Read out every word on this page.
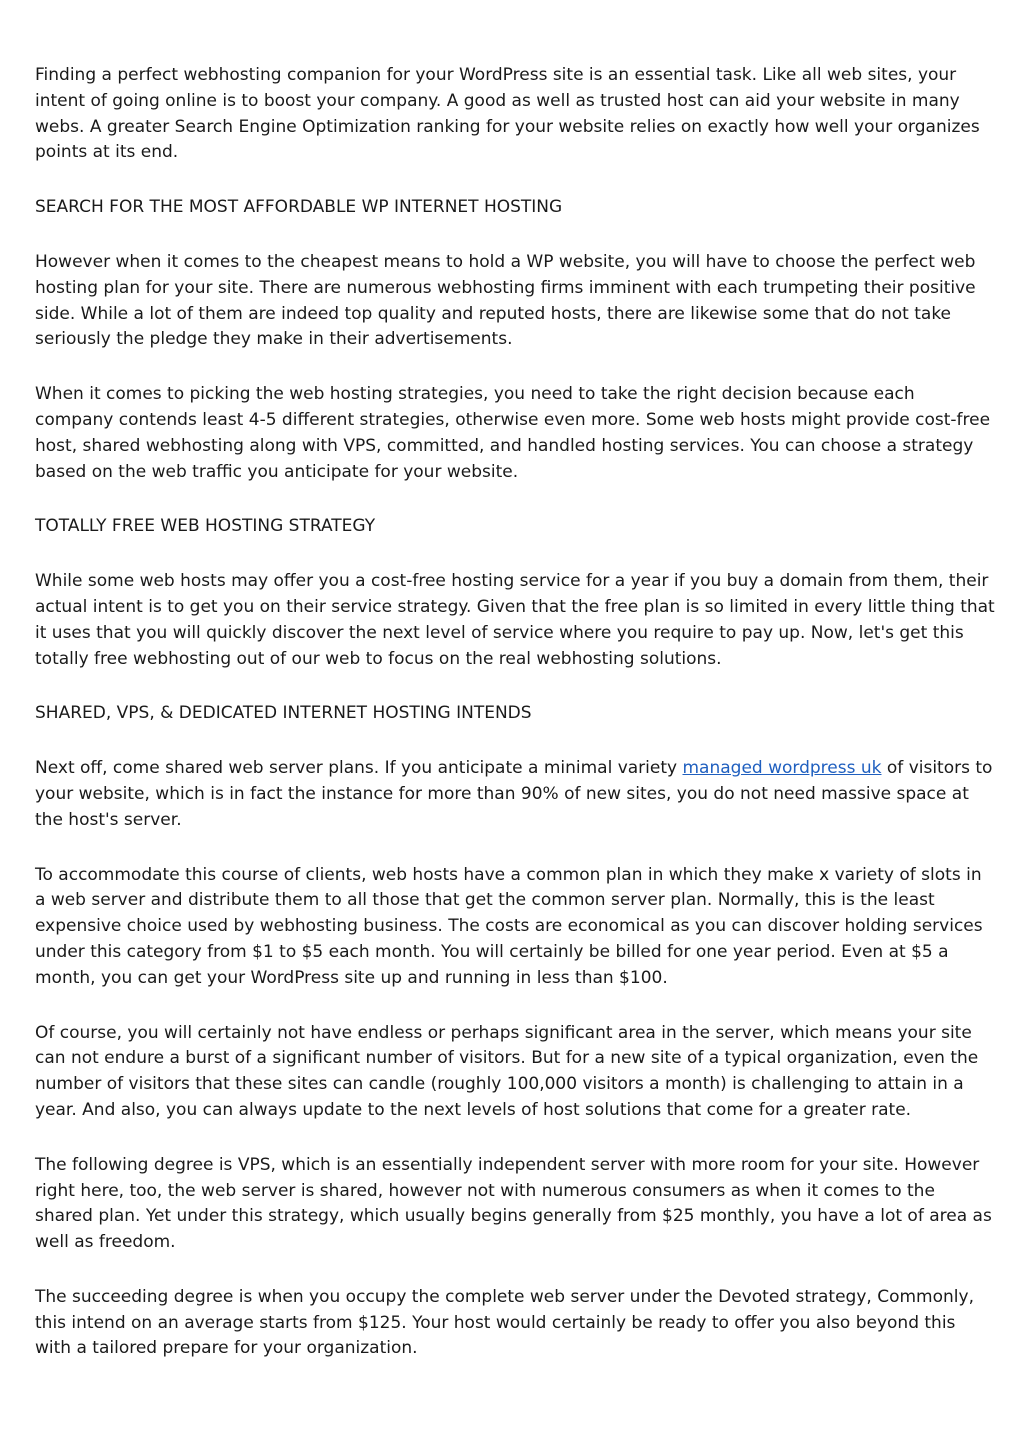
Finding a perfect webhosting companion for your WordPress site is an essential task. Like all web sites, your intent of going online is to boost your company. A good as well as trusted host can aid your website in many webs. A greater Search Engine Optimization ranking for your website relies on exactly how well your organizes points at its end.

SEARCH FOR THE MOST AFFORDABLE WP INTERNET HOSTING

However when it comes to the cheapest means to hold a WP website, you will have to choose the perfect web hosting plan for your site. There are numerous webhosting firms imminent with each trumpeting their positive side. While a lot of them are indeed top quality and reputed hosts, there are likewise some that do not take seriously the pledge they make in their advertisements.

When it comes to picking the web hosting strategies, you need to take the right decision because each company contends least 4-5 different strategies, otherwise even more. Some web hosts might provide cost-free host, shared webhosting along with VPS, committed, and handled hosting services. You can choose a strategy based on the web traffic you anticipate for your website.

TOTALLY FREE WEB HOSTING STRATEGY

While some web hosts may offer you a cost-free hosting service for a year if you buy a domain from them, their actual intent is to get you on their service strategy. Given that the free plan is so limited in every little thing that it uses that you will quickly discover the next level of service where you require to pay up. Now, let's get this totally free webhosting out of our web to focus on the real webhosting solutions.

SHARED, VPS, & DEDICATED INTERNET HOSTING INTENDS

Next off, come shared web server plans. If you anticipate a minimal variety managed wordpress uk of visitors to your website, which is in fact the instance for more than 90% of new sites, you do not need massive space at the host's server.

To accommodate this course of clients, web hosts have a common plan in which they make x variety of slots in a web server and distribute them to all those that get the common server plan. Normally, this is the least expensive choice used by webhosting business. The costs are economical as you can discover holding services under this category from $1 to $5 each month. You will certainly be billed for one year period. Even at $5 a month, you can get your WordPress site up and running in less than $100.

Of course, you will certainly not have endless or perhaps significant area in the server, which means your site can not endure a burst of a significant number of visitors. But for a new site of a typical organization, even the number of visitors that these sites can candle (roughly 100,000 visitors a month) is challenging to attain in a year. And also, you can always update to the next levels of host solutions that come for a greater rate.

The following degree is VPS, which is an essentially independent server with more room for your site. However right here, too, the web server is shared, however not with numerous consumers as when it comes to the shared plan. Yet under this strategy, which usually begins generally from $25 monthly, you have a lot of area as well as freedom.

The succeeding degree is when you occupy the complete web server under the Devoted strategy, Commonly, this intend on an average starts from $125. Your host would certainly be ready to offer you also beyond this with a tailored prepare for your organization.
